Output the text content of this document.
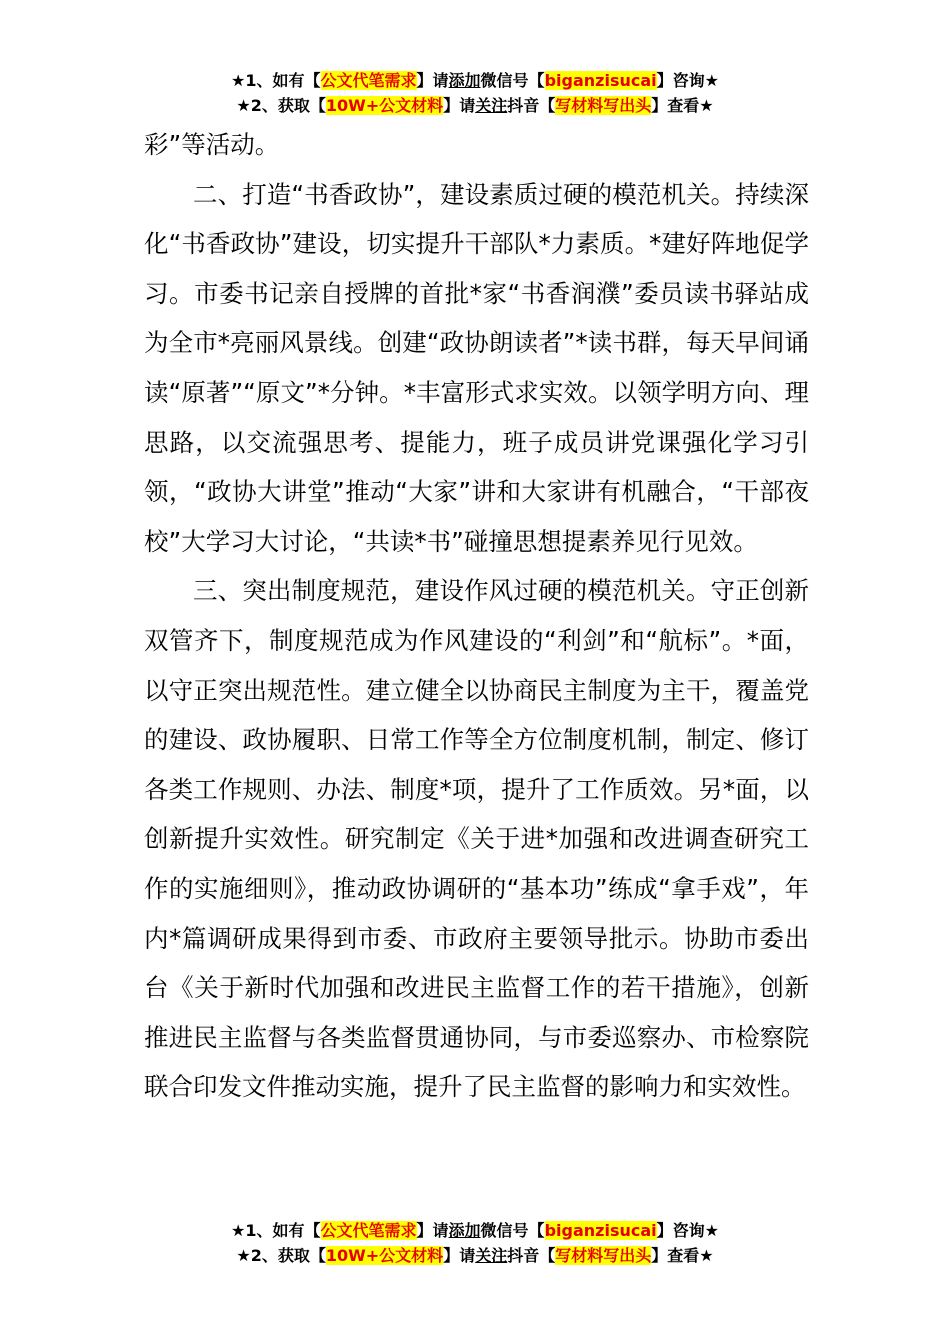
★1、如有【公文代笔需求】请添加微信号【biganzisucai】咨询★
★2、获取【10W+公文材料】请关注抖音【写材料写出头】查看★

彩”等活动。

二、打造“书香政协”，建设素质过硬的模范机关。持续深化“书香政协”建设，切实提升干部队*力素质。*建好阵地促学习。市委书记亲自授牌的首批*家“书香润濮”委员读书驿站成为全市*亮丽风景线。创建“政协朗读者”*读书群，每天早间诵读“原著”“原文”*分钟。*丰富形式求实效。以领学明方向、理思路，以交流强思考、提能力，班子成员讲党课强化学习引领，“政协大讲堂”推动“大家”讲和大家讲有机融合，“干部夜校”大学习大讨论，“共读*书”碰撞思想提素养见行见效。

三、突出制度规范，建设作风过硬的模范机关。守正创新双管齐下，制度规范成为作风建设的“利剑”和“航标”。*面，以守正突出规范性。建立健全以协商民主制度为主干，覆盖党的建设、政协履职、日常工作等全方位制度机制，制定、修订各类工作规则、办法、制度*项，提升了工作质效。另*面，以创新提升实效性。研究制定《关于进*加强和改进调查研究工作的实施细则》，推动政协调研的“基本功”练成“拿手戏”，年内*篇调研成果得到市委、市政府主要领导批示。协助市委出台《关于新时代加强和改进民主监督工作的若干措施》，创新推进民主监督与各类监督贯通协同，与市委巡察办、市检察院联合印发文件推动实施，提升了民主监督的影响力和实效性。

★1、如有【公文代笔需求】请添加微信号【biganzisucai】咨询★
★2、获取【10W+公文材料】请关注抖音【写材料写出头】查看★
